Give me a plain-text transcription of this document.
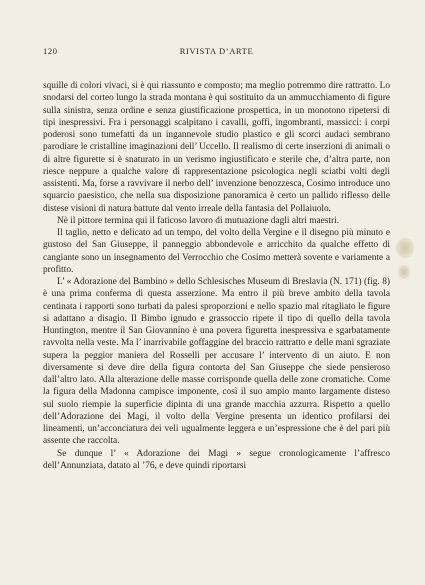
120	RIVISTA D’ARTE

squille di colori vivaci, si è qui riassunto e composto; ma meglio potremmo dire rattratto. Lo snodarsi del corteo lungo la strada montana è qui sostituito da un ammucchiamento di figure sulla sinistra, senza ordine e senza giustificazione prospettica, in un monotono ripetersi di tipi inespressivi. Fra i personaggi scalpitano i cavalli, goffi, ingombranti, massicci: i corpi poderosi sono tumefatti da un ingannevole studio plastico e gli scorci audaci sembrano parodiare le cristalline imaginazioni dell’ Uccello. Il realismo di certe inserzioni di animali o di altre figurette si è snaturato in un verismo ingiustificato e sterile che, d’altra parte, non riesce neppure a qualche valore di rappresentazione psicologica negli sciatbi volti degli assistenti. Ma, forse a ravvivare il nerbo dell’ invenzione benozzesca, Cosimo introduce uno squarcio paesistico, che nella sua disposizione panoramica è certo un pallido riflesso delle distese visioni di natura battute dal vento irreale della fantasia del Pollaiuolo.

Nè il pittore termina qui il faticoso lavoro di mutuazione dagli altri maestri.

Il taglio, netto e delicato ad un tempo, del volto della Vergine e il disegno più minuto e gustoso del San Giuseppe, il panneggio abbondevole e arricchito da qualche effetto di cangiante sono un insegnamento del Verrocchio che Cosimo metterà sovente e variamente a profitto.

L’ « Adorazione del Bambino » dello Schlesisches Museum di Breslavia (N. 171) (fig. 8) è una prima conferma di questa asserzione. Ma entro il più breve ambito della tavola centinata i rapporti sono turbati da palesi sproporzioni e nello spazio mal ritagliato le figure si adattano a disagio. Il Bimbo ignudo e grassoccio ripete il tipo di quello della tavola Huntington, mentre il San Giovannino è una povera figuretta inespressiva e sgarbatamente ravvolta nella veste. Ma l’ inarrivabile goffaggine del braccio rattratto e delle mani sgraziate supera la peggior maniera del Rosselli per accusare l’ intervento di un aiuto. E non diversamente si deve dire della figura contorta del San Giuseppe che siede pensieroso dall’altro lato. Alla alterazione delle masse corrisponde quella delle zone cromatiche. Come la figura della Madonna campisce imponente, così il suo ampio manto largamente disteso sul suolo riempie la superficie dipinta di una grande macchia azzurra. Rispetto a quello dell’Adorazione dei Magi, il volto della Vergine presenta un identico profilarsi dei lineamenti, un’acconciatura dei veli ugualmente leggera e un’espressione che è del pari più assente che raccolta.

Se dunque l’ « Adorazione dei Magi » segue cronologicamente l’affresco dell’Annunziata, datato al ’76, e deve quindi riportarsi
